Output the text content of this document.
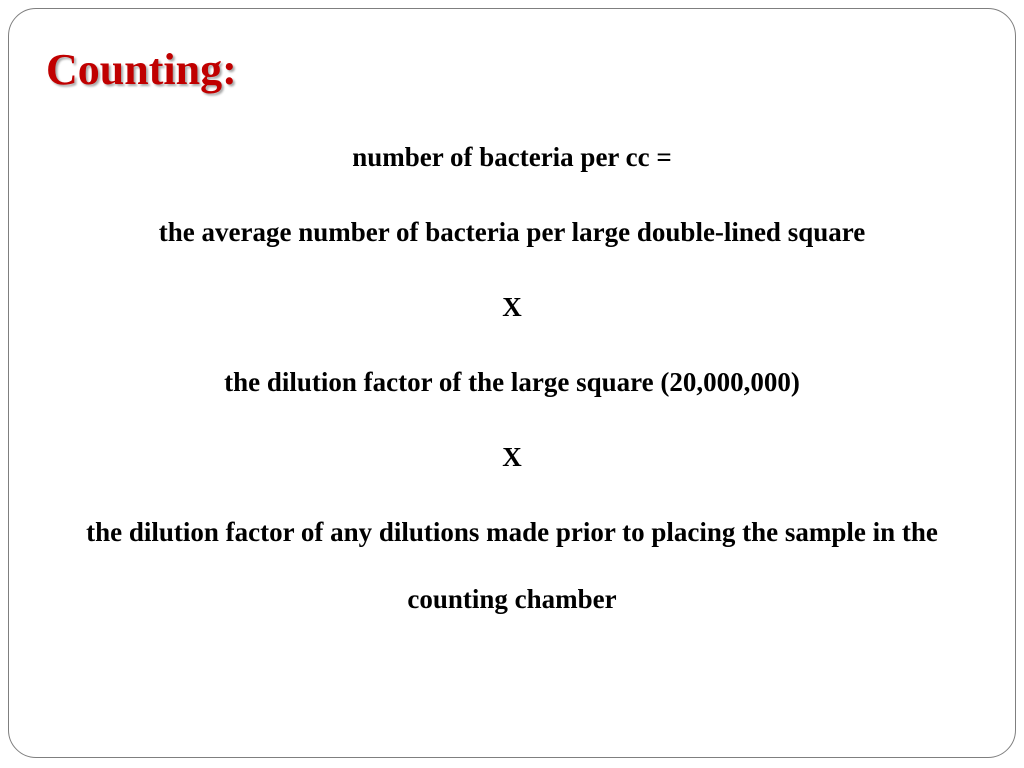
Counting:

number of bacteria per cc =

the average number of bacteria per large double-lined square

X

the dilution factor of the large square (20,000,000)

X

the dilution factor of any dilutions made prior to placing the sample in the counting chamber
